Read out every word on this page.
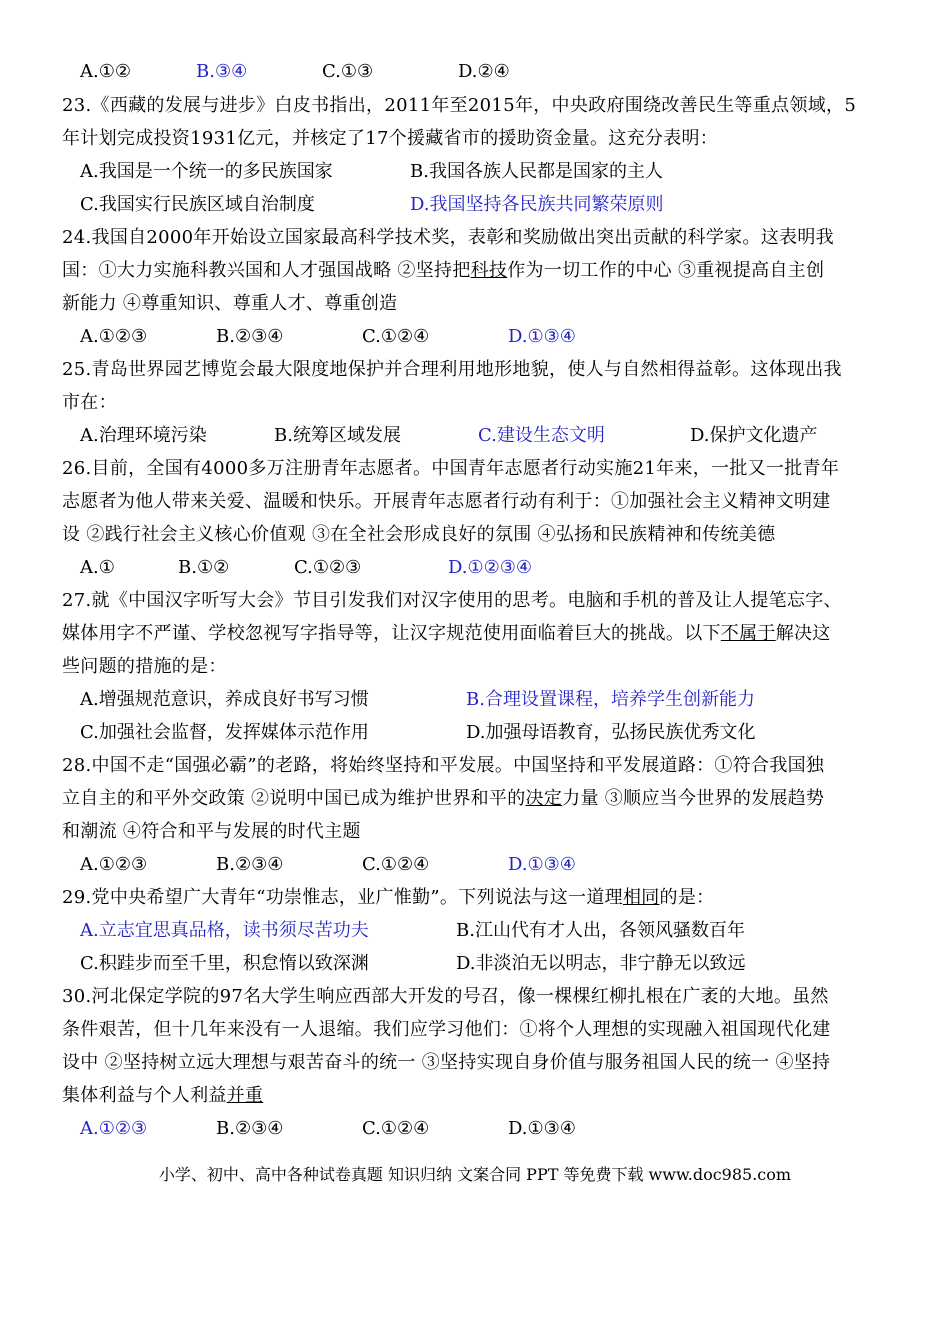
A.①②	B.③④	C.①③	D.②④
23.《西藏的发展与进步》白皮书指出，2011年至2015年，中央政府围绕改善民生等重点领域，5
年计划完成投资1931亿元，并核定了17个援藏省市的援助资金量。这充分表明：
A.我国是一个统一的多民族国家	B.我国各族人民都是国家的主人
C.我国实行民族区域自治制度	D.我国坚持各民族共同繁荣原则
24.我国自2000年开始设立国家最高科学技术奖，表彰和奖励做出突出贡献的科学家。这表明我
国：①大力实施科教兴国和人才强国战略 ②坚持把科技作为一切工作的中心 ③重视提高自主创
新能力 ④尊重知识、尊重人才、尊重创造
A.①②③	B.②③④	C.①②④	D.①③④
25.青岛世界园艺博览会最大限度地保护并合理利用地形地貌，使人与自然相得益彰。这体现出我
市在：
A.治理环境污染	B.统筹区域发展	C.建设生态文明	D.保护文化遗产
26.目前，全国有4000多万注册青年志愿者。中国青年志愿者行动实施21年来，一批又一批青年
志愿者为他人带来关爱、温暖和快乐。开展青年志愿者行动有利于：①加强社会主义精神文明建
设 ②践行社会主义核心价值观 ③在全社会形成良好的氛围 ④弘扬和民族精神和传统美德
A.①	B.①②	C.①②③	D.①②③④
27.就《中国汉字听写大会》节目引发我们对汉字使用的思考。电脑和手机的普及让人提笔忘字、
媒体用字不严谨、学校忽视写字指导等，让汉字规范使用面临着巨大的挑战。以下不属于解决这
些问题的措施的是：
A.增强规范意识，养成良好书写习惯	B.合理设置课程，培养学生创新能力
C.加强社会监督，发挥媒体示范作用	D.加强母语教育，弘扬民族优秀文化
28.中国不走“国强必霸”的老路，将始终坚持和平发展。中国坚持和平发展道路：①符合我国独
立自主的和平外交政策 ②说明中国已成为维护世界和平的决定力量 ③顺应当今世界的发展趋势
和潮流 ④符合和平与发展的时代主题
A.①②③	B.②③④	C.①②④	D.①③④
29.党中央希望广大青年“功崇惟志，业广惟勤”。下列说法与这一道理相同的是：
A.立志宜思真品格，读书须尽苦功夫	B.江山代有才人出，各领风骚数百年
C.积跬步而至千里，积怠惰以致深渊	D.非淡泊无以明志，非宁静无以致远
30.河北保定学院的97名大学生响应西部大开发的号召，像一棵棵红柳扎根在广袤的大地。虽然
条件艰苦，但十几年来没有一人退缩。我们应学习他们：①将个人理想的实现融入祖国现代化建
设中 ②坚持树立远大理想与艰苦奋斗的统一 ③坚持实现自身价值与服务祖国人民的统一 ④坚持
集体利益与个人利益并重
A.①②③	B.②③④	C.①②④	D.①③④
小学、初中、高中各种试卷真题 知识归纳 文案合同 PPT 等免费下载 www.doc985.com
